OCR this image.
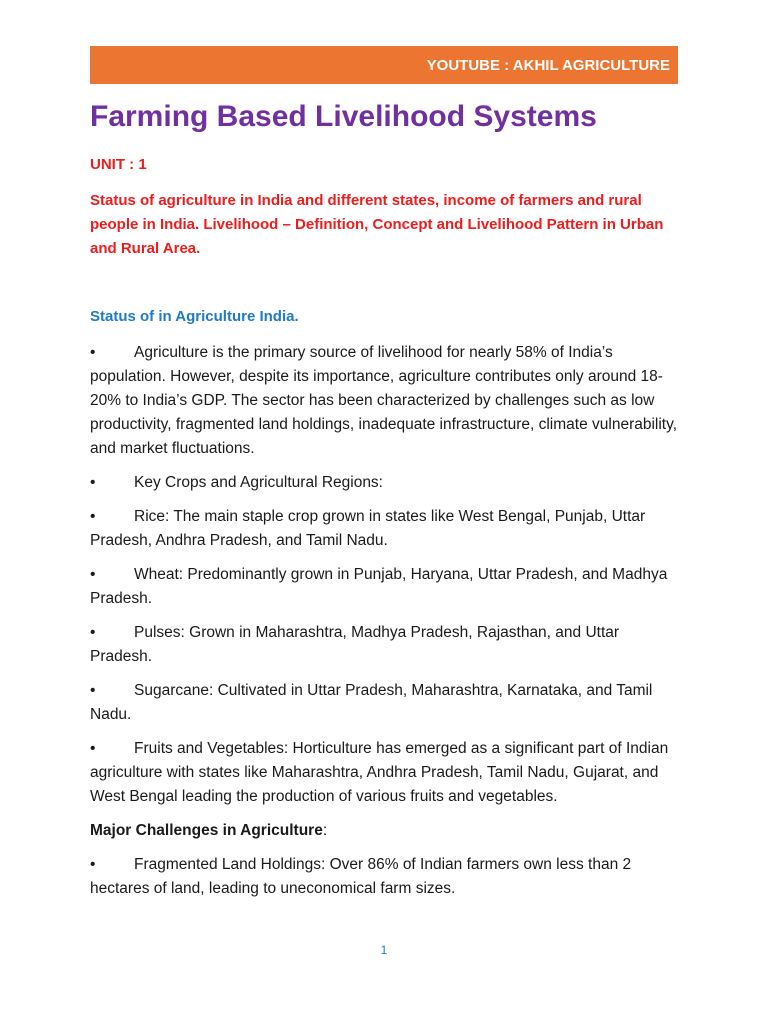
YOUTUBE : AKHIL AGRICULTURE
Farming Based Livelihood Systems

UNIT : 1

Status of agriculture in India and different states, income of farmers and rural people in India. Livelihood – Definition, Concept and Livelihood Pattern in Urban and Rural Area.

Status of in Agriculture India.

• Agriculture is the primary source of livelihood for nearly 58% of India’s population. However, despite its importance, agriculture contributes only around 18-20% to India’s GDP. The sector has been characterized by challenges such as low productivity, fragmented land holdings, inadequate infrastructure, climate vulnerability, and market fluctuations.

• Key Crops and Agricultural Regions:

• Rice: The main staple crop grown in states like West Bengal, Punjab, Uttar Pradesh, Andhra Pradesh, and Tamil Nadu.

• Wheat: Predominantly grown in Punjab, Haryana, Uttar Pradesh, and Madhya Pradesh.

• Pulses: Grown in Maharashtra, Madhya Pradesh, Rajasthan, and Uttar Pradesh.

• Sugarcane: Cultivated in Uttar Pradesh, Maharashtra, Karnataka, and Tamil Nadu.

• Fruits and Vegetables: Horticulture has emerged as a significant part of Indian agriculture with states like Maharashtra, Andhra Pradesh, Tamil Nadu, Gujarat, and West Bengal leading the production of various fruits and vegetables.

Major Challenges in Agriculture:

• Fragmented Land Holdings: Over 86% of Indian farmers own less than 2 hectares of land, leading to uneconomical farm sizes.

1
